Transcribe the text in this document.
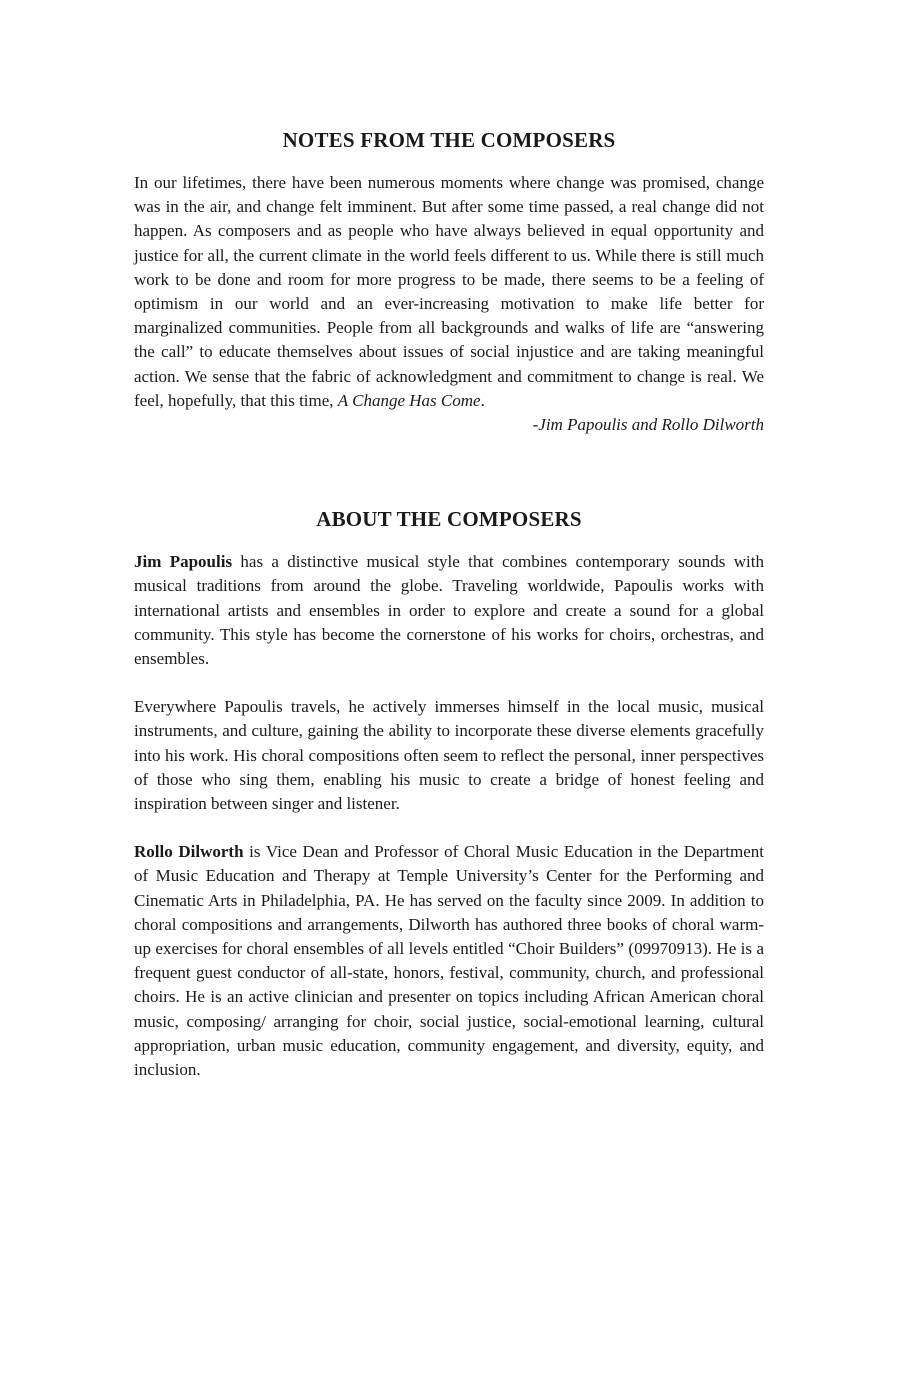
NOTES FROM THE COMPOSERS

In our lifetimes, there have been numerous moments where change was promised, change was in the air, and change felt imminent. But after some time passed, a real change did not happen. As composers and as people who have always believed in equal opportunity and justice for all, the current climate in the world feels different to us. While there is still much work to be done and room for more progress to be made, there seems to be a feeling of optimism in our world and an ever-increasing motivation to make life better for marginalized communities. People from all backgrounds and walks of life are “answering the call” to educate themselves about issues of social injustice and are taking meaningful action. We sense that the fabric of acknowledgment and commitment to change is real. We feel, hopefully, that this time, A Change Has Come.

-Jim Papoulis and Rollo Dilworth

ABOUT THE COMPOSERS

Jim Papoulis has a distinctive musical style that combines contemporary sounds with musical traditions from around the globe. Traveling worldwide, Papoulis works with international artists and ensembles in order to explore and create a sound for a global community. This style has become the cornerstone of his works for choirs, orchestras, and ensembles.

Everywhere Papoulis travels, he actively immerses himself in the local music, musical instruments, and culture, gaining the ability to incorporate these diverse elements gracefully into his work. His choral compositions often seem to reflect the personal, inner perspectives of those who sing them, enabling his music to create a bridge of honest feeling and inspiration between singer and listener.

Rollo Dilworth is Vice Dean and Professor of Choral Music Education in the Department of Music Education and Therapy at Temple University’s Center for the Performing and Cinematic Arts in Philadelphia, PA. He has served on the faculty since 2009. In addition to choral compositions and arrangements, Dilworth has authored three books of choral warm-up exercises for choral ensembles of all levels entitled “Choir Builders” (09970913). He is a frequent guest conductor of all-state, honors, festival, community, church, and professional choirs. He is an active clinician and presenter on topics including African American choral music, composing/ arranging for choir, social justice, social-emotional learning, cultural appropriation, urban music education, community engagement, and diversity, equity, and inclusion.
